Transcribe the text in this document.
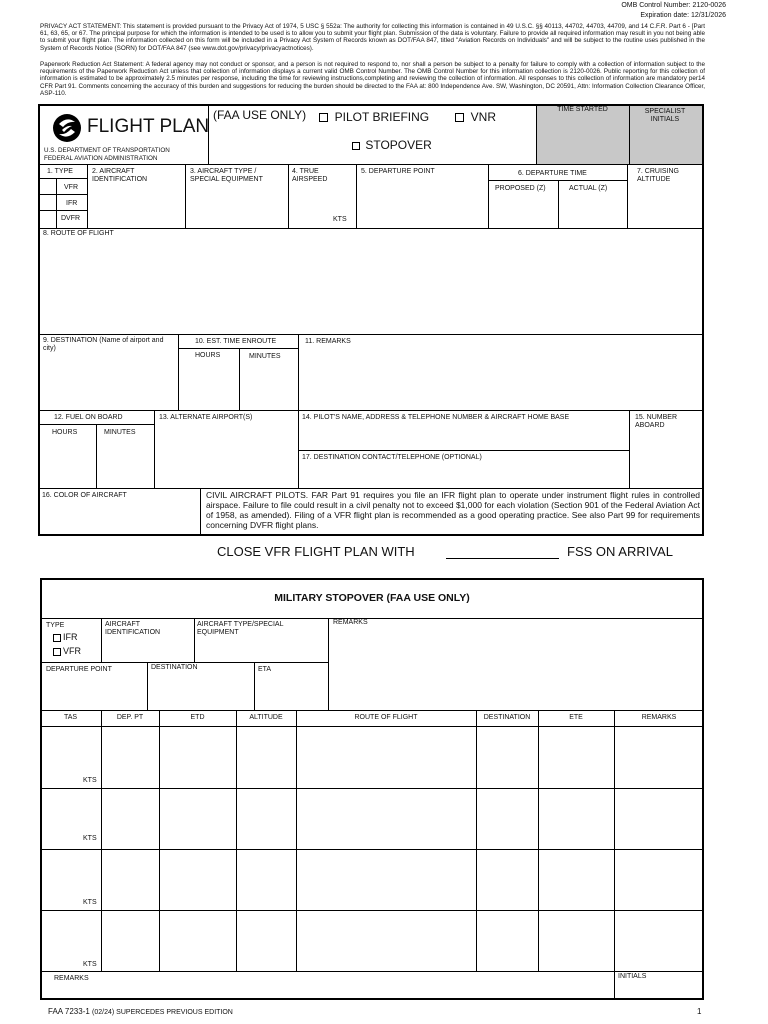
OMB Control Number: 2120-0026
Expiration date: 12/31/2026
PRIVACY ACT STATEMENT: This statement is provided pursuant to the Privacy Act of 1974, 5 USC § 552a: The authority for collecting this information is contained in 49 U.S.C. §§ 40113, 44702, 44703, 44709, and 14 C.F.R. Part 6 - [Part 61, 63, 65, or 67. The principal purpose for which the information is intended to be used is to allow you to submit your flight plan. Submission of the data is voluntary. Failure to provide all required information may result in you not being able to submit your flight plan. The information collected on this form will be included in a Privacy Act System of Records known as DOT/FAA 847, titled "Aviation Records on Individuals" and will be subject to the routine uses published in the System of Records Notice (SORN) for DOT/FAA 847 (see www.dot.gov/privacy/privacyactnotices).
Paperwork Reduction Act Statement: A federal agency may not conduct or sponsor, and a person is not required to respond to, nor shall a person be subject to a penalty for failure to comply with a collection of information subject to the requirements of the Paperwork Reduction Act unless that collection of information displays a current valid OMB Control Number. The OMB Control Number for this information collection is 2120-0026. Public reporting for this collection of information is estimated to be approximately 2.5 minutes per response, including the time for reviewing instructions,completing and reviewing the collection of information. All responses to this collection of information are mandatory per14 CFR Part 91. Comments concerning the accuracy of this burden and suggestions for reducing the burden should be directed to the FAA at: 800 Independence Ave. SW, Washington, DC 20591, Attn: Information Collection Clearance Officer, ASP-110.
FLIGHT PLAN
U.S. DEPARTMENT OF TRANSPORTATION
FEDERAL AVIATION ADMINISTRATION
(FAA USE ONLY)	PILOT BRIEFING	VNR
STOPOVER
TIME STARTED	SPECIALIST INITIALS
1. TYPE
VFR
IFR
DVFR
2. AIRCRAFT IDENTIFICATION
3. AIRCRAFT TYPE / SPECIAL EQUIPMENT
4. TRUE AIRSPEED
KTS
5. DEPARTURE POINT	6. DEPARTURE TIME
PROPOSED (Z)	ACTUAL (Z)
7. CRUISING ALTITUDE
8. ROUTE OF FLIGHT
9. DESTINATION (Name of airport and city)
10. EST. TIME ENROUTE
HOURS	MINUTES
11. REMARKS
12. FUEL ON BOARD
HOURS	MINUTES
13. ALTERNATE AIRPORT(S)	14. PILOT'S NAME, ADDRESS & TELEPHONE NUMBER & AIRCRAFT HOME BASE	15. NUMBER ABOARD
17. DESTINATION CONTACT/TELEPHONE (OPTIONAL)
16. COLOR OF AIRCRAFT	CIVIL AIRCRAFT PILOTS. FAR Part 91 requires you file an IFR flight plan to operate under instrument flight rules in controlled airspace. Failure to file could result in a civil penalty not to exceed $1,000 for each violation (Section 901 of the Federal Aviation Act of 1958, as amended). Filing of a VFR flight plan is recommended as a good operating practice. See also Part 99 for requirements concerning DVFR flight plans.
CLOSE VFR FLIGHT PLAN WITH	FSS ON ARRIVAL
MILITARY STOPOVER (FAA USE ONLY)
TYPE
IFR
VFR
AIRCRAFT IDENTIFICATION
AIRCRAFT TYPE/SPECIAL EQUIPMENT
REMARKS
DEPARTURE POINT	DESTINATION	ETA
TAS	DEP. PT	ETD	ALTITUDE	ROUTE OF FLIGHT	DESTINATION	ETE	REMARKS
KTS
KTS
KTS
KTS
REMARKS	INITIALS
FAA 7233-1 (02/24) SUPERCEDES PREVIOUS EDITION	1
